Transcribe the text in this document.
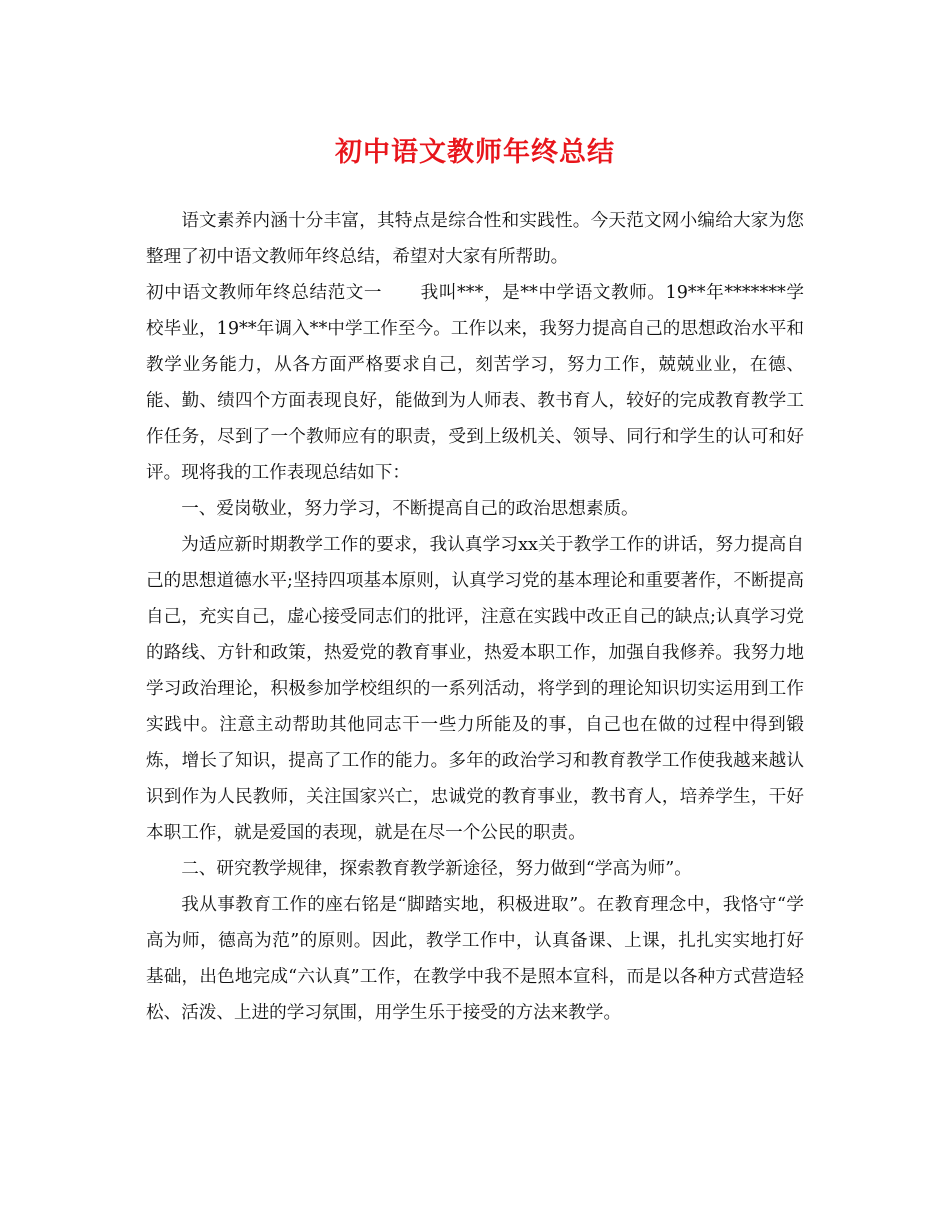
初中语文教师年终总结

语文素养内涵十分丰富，其特点是综合性和实践性。今天范文网小编给大家为您整理了初中语文教师年终总结，希望对大家有所帮助。

初中语文教师年终总结范文一 我叫***，是**中学语文教师。19**年*******学校毕业，19**年调入**中学工作至今。工作以来，我努力提高自己的思想政治水平和教学业务能力，从各方面严格要求自己，刻苦学习，努力工作，兢兢业业，在德、能、勤、绩四个方面表现良好，能做到为人师表、教书育人，较好的完成教育教学工作任务，尽到了一个教师应有的职责，受到上级机关、领导、同行和学生的认可和好评。现将我的工作表现总结如下：

一、爱岗敬业，努力学习，不断提高自己的政治思想素质。

为适应新时期教学工作的要求，我认真学习xx关于教学工作的讲话，努力提高自己的思想道德水平;坚持四项基本原则，认真学习党的基本理论和重要著作，不断提高自己，充实自己，虚心接受同志们的批评，注意在实践中改正自己的缺点;认真学习党的路线、方针和政策，热爱党的教育事业，热爱本职工作，加强自我修养。我努力地学习政治理论，积极参加学校组织的一系列活动，将学到的理论知识切实运用到工作实践中。注意主动帮助其他同志干一些力所能及的事，自己也在做的过程中得到锻炼，增长了知识，提高了工作的能力。多年的政治学习和教育教学工作使我越来越认识到作为人民教师，关注国家兴亡，忠诚党的教育事业，教书育人，培养学生，干好本职工作，就是爱国的表现，就是在尽一个公民的职责。

二、研究教学规律，探索教育教学新途径，努力做到“学高为师”。

我从事教育工作的座右铭是“脚踏实地，积极进取”。在教育理念中，我恪守“学高为师，德高为范”的原则。因此，教学工作中，认真备课、上课，扎扎实实地打好基础，出色地完成“六认真”工作，在教学中我不是照本宣科，而是以各种方式营造轻松、活泼、上进的学习氛围，用学生乐于接受的方法来教学。
